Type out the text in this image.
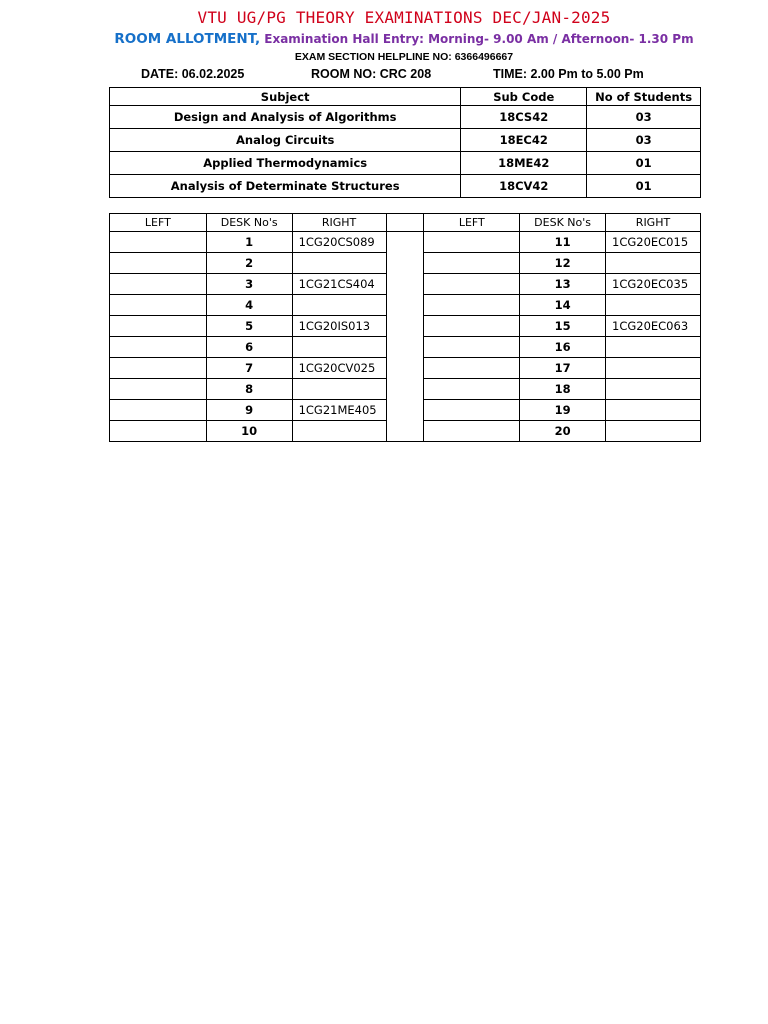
VTU UG/PG THEORY EXAMINATIONS DEC/JAN-2025
ROOM ALLOTMENT, Examination Hall Entry: Morning- 9.00 Am / Afternoon- 1.30 Pm
EXAM SECTION HELPLINE NO: 6366496667
DATE: 06.02.2025	ROOM NO: CRC 208	TIME: 2.00 Pm to 5.00 Pm
Subject	Sub Code	No of Students
Design and Analysis of Algorithms	18CS42	03
Analog Circuits	18EC42	03
Applied Thermodynamics	18ME42	01
Analysis of Determinate Structures	18CV42	01
LEFT	DESK No's	RIGHT		LEFT	DESK No's	RIGHT
	1	1CG20CS089			11	1CG20EC015
	2				12	
	3	1CG21CS404			13	1CG20EC035
	4				14	
	5	1CG20IS013			15	1CG20EC063
	6				16	
	7	1CG20CV025			17	
	8				18	
	9	1CG21ME405			19	
	10				20	
